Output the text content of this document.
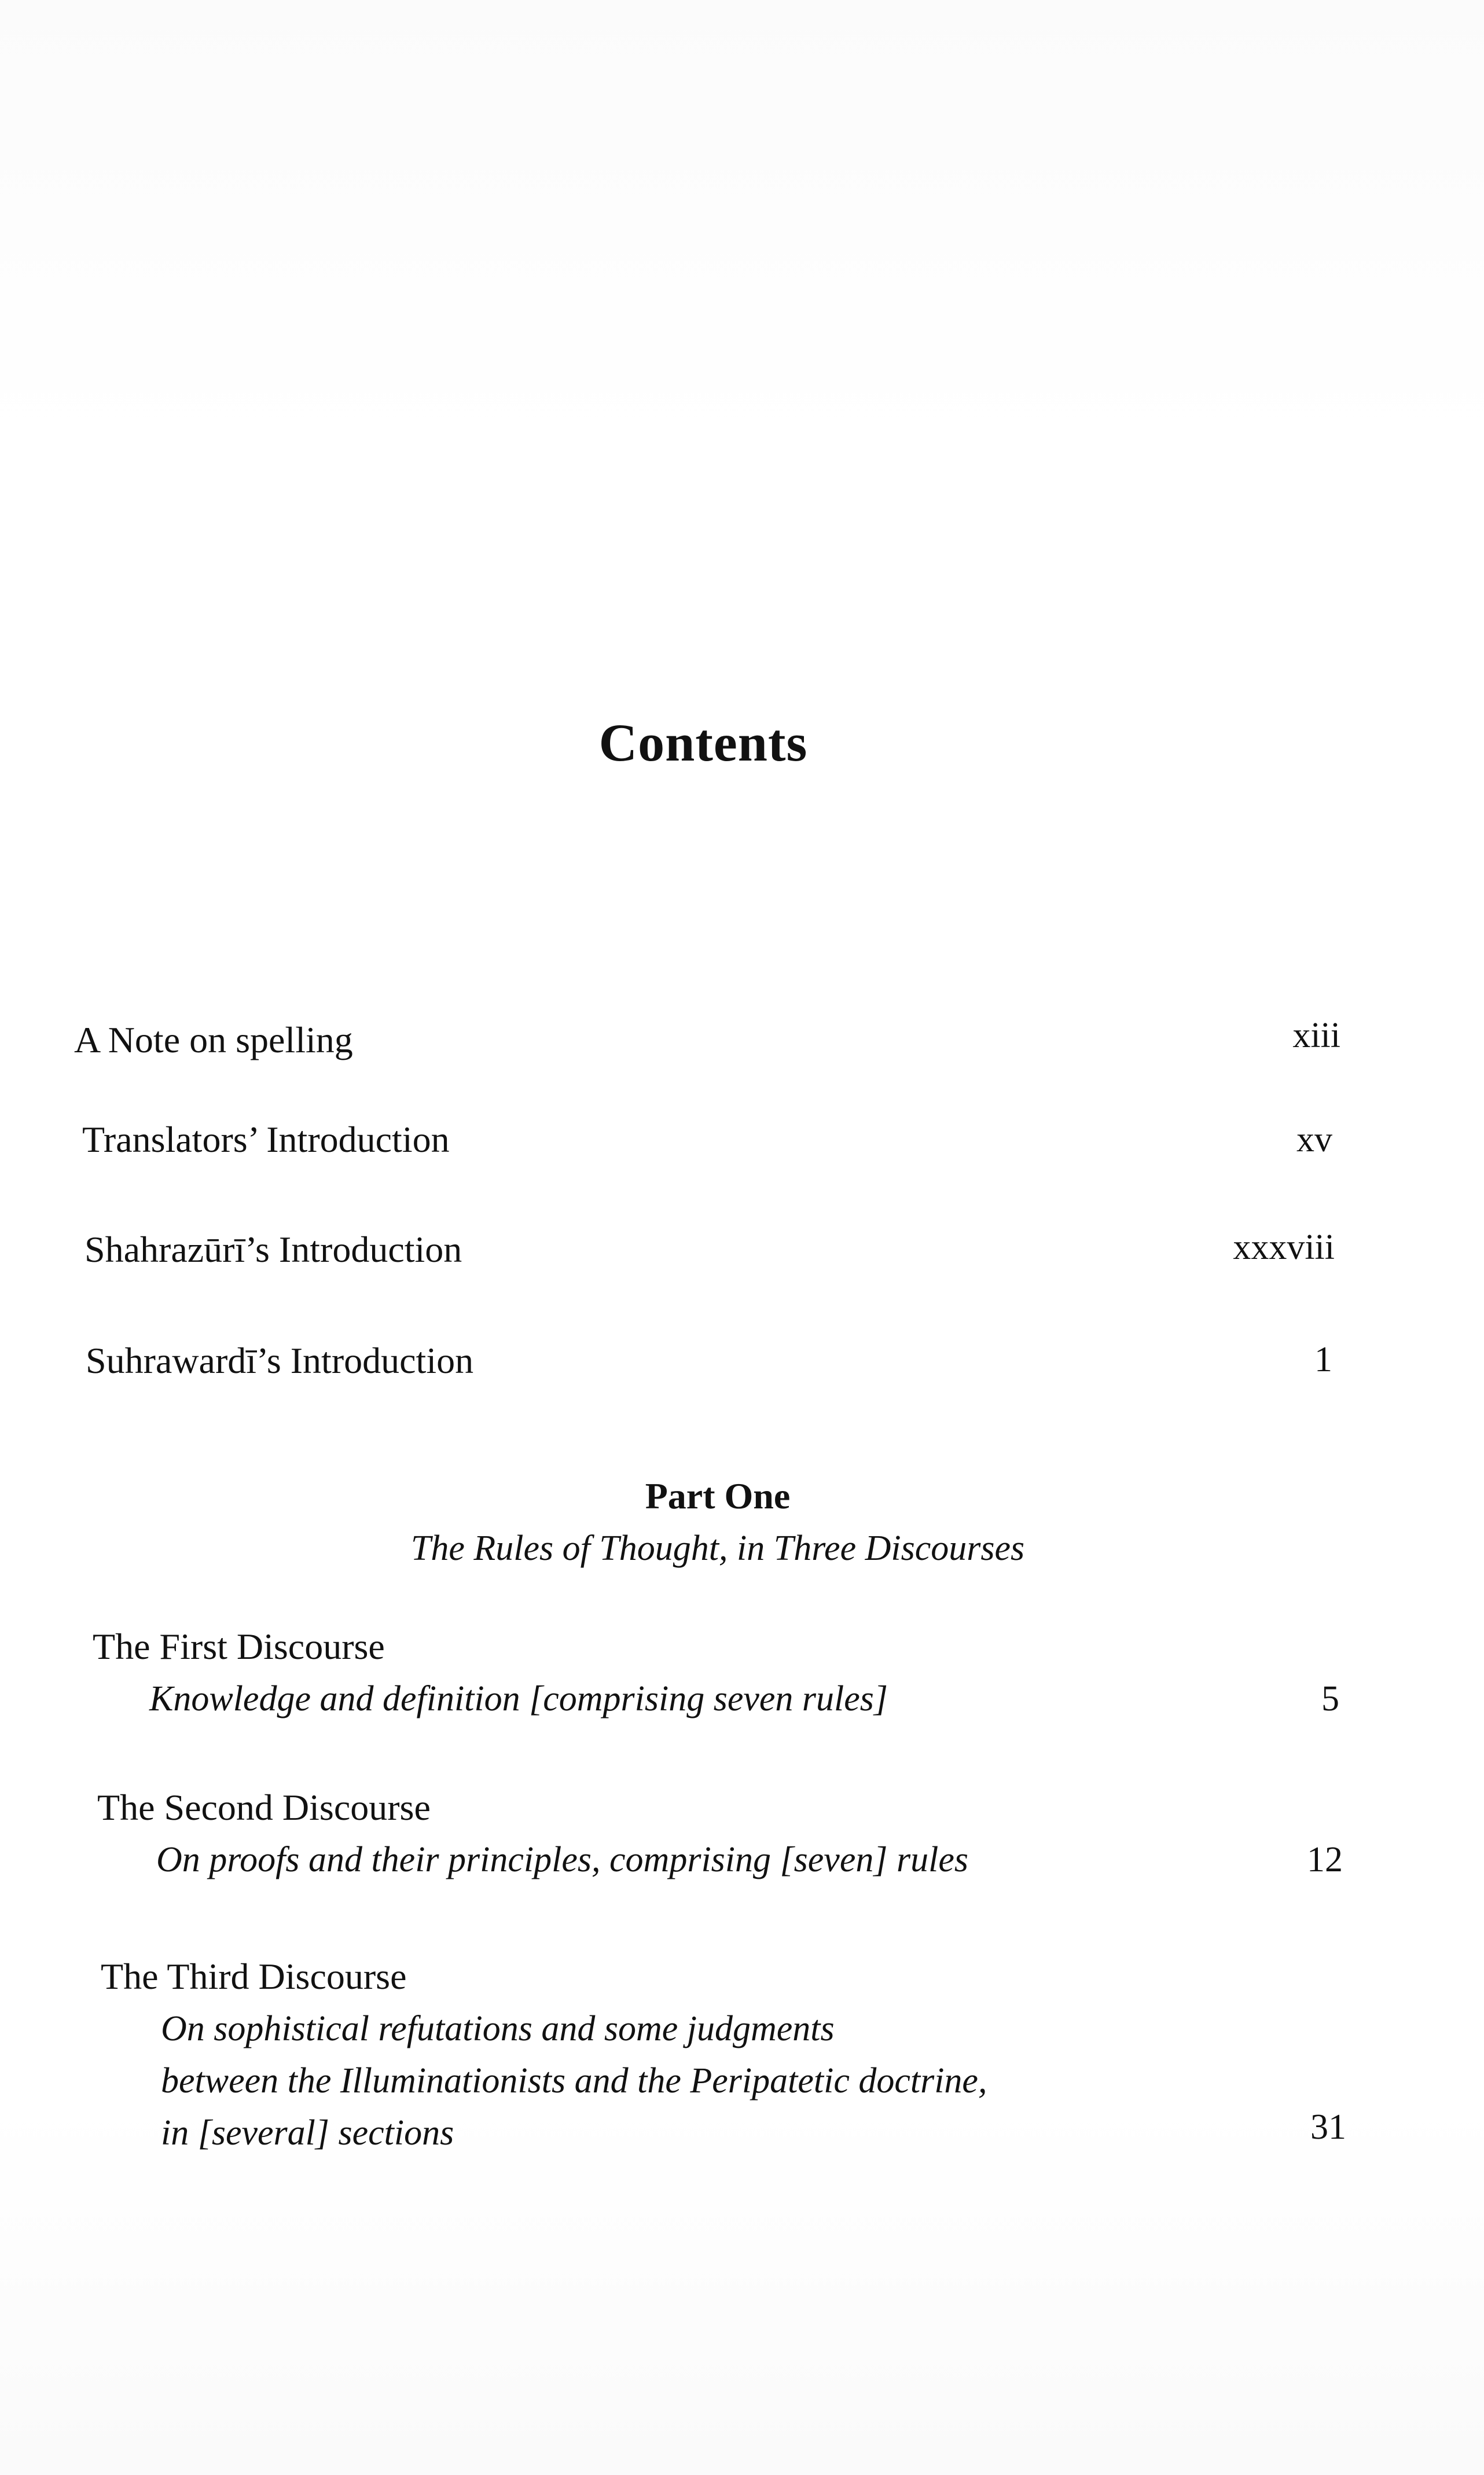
Contents
A Note on spelling	xiii
Translators’ Introduction	xv
Shahrazūrī’s Introduction	xxxviii
Suhrawardī’s Introduction	1
Part One
The Rules of Thought, in Three Discourses
The First Discourse
Knowledge and definition [comprising seven rules]	5
The Second Discourse
On proofs and their principles, comprising [seven] rules	12
The Third Discourse
On sophistical refutations and some judgments
between the Illuminationists and the Peripatetic doctrine,
in [several] sections	31
